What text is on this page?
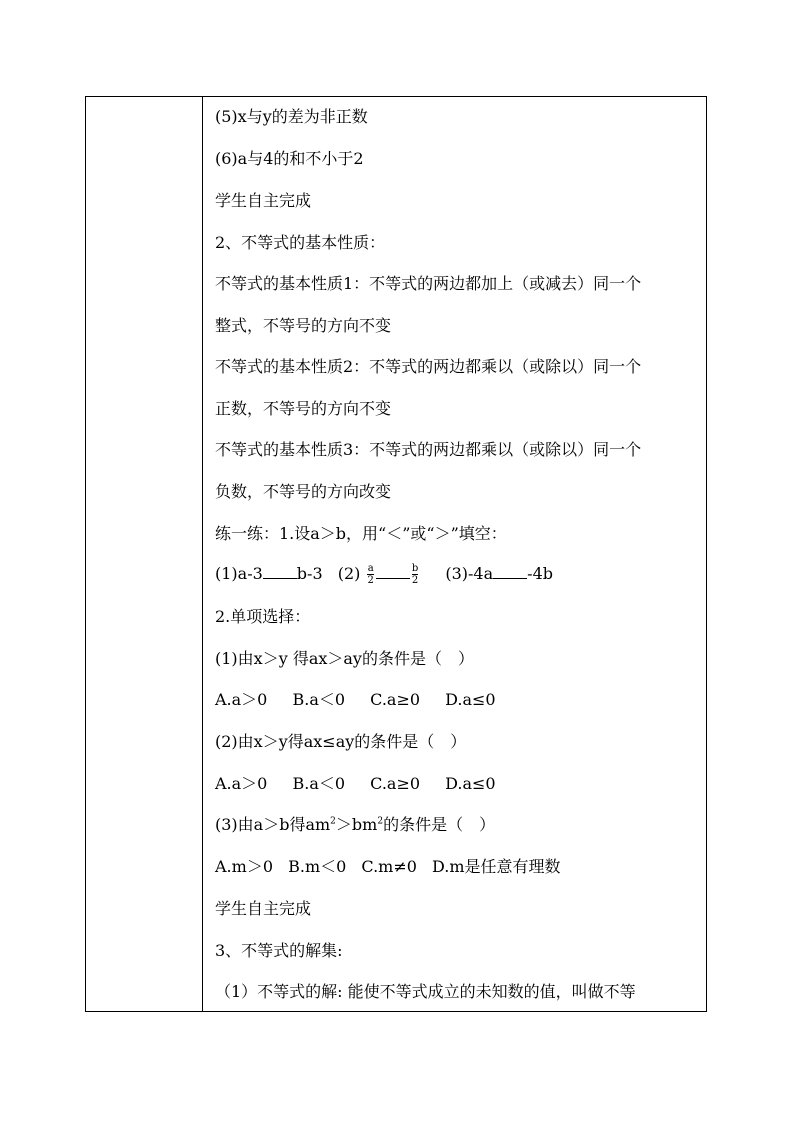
(5)x与y的差为非正数
(6)a与4的和不小于2
学生自主完成
2、不等式的基本性质：
不等式的基本性质1：不等式的两边都加上（或减去）同一个
整式，不等号的方向不变
不等式的基本性质2：不等式的两边都乘以（或除以）同一个
正数，不等号的方向不变
不等式的基本性质3：不等式的两边都乘以（或除以）同一个
负数，不等号的方向改变
练一练：1.设a＞b，用“＜”或“＞”填空：
(1)a-3 b-3 $(2) \frac{a}{2}$	$\frac{b}{2} (3)-4a$ -4b
2.单项选择：
(1)由x＞y 得ax＞ay的条件是（　）
A.a＞0 B.a＜0 C.a≥0 D.a≤0
(2)由x＞y得ax≤ay的条件是（　）
A.a＞0 B.a＜0 C.a≥0 D.a≤0
(3)由a＞b得$am^2>bm^2$的条件是（　）
A.m＞0 B.m＜0 C.m≠0 D.m是任意有理数
学生自主完成
3、不等式的解集:
（1）不等式的解: 能使不等式成立的未知数的值，叫做不等
